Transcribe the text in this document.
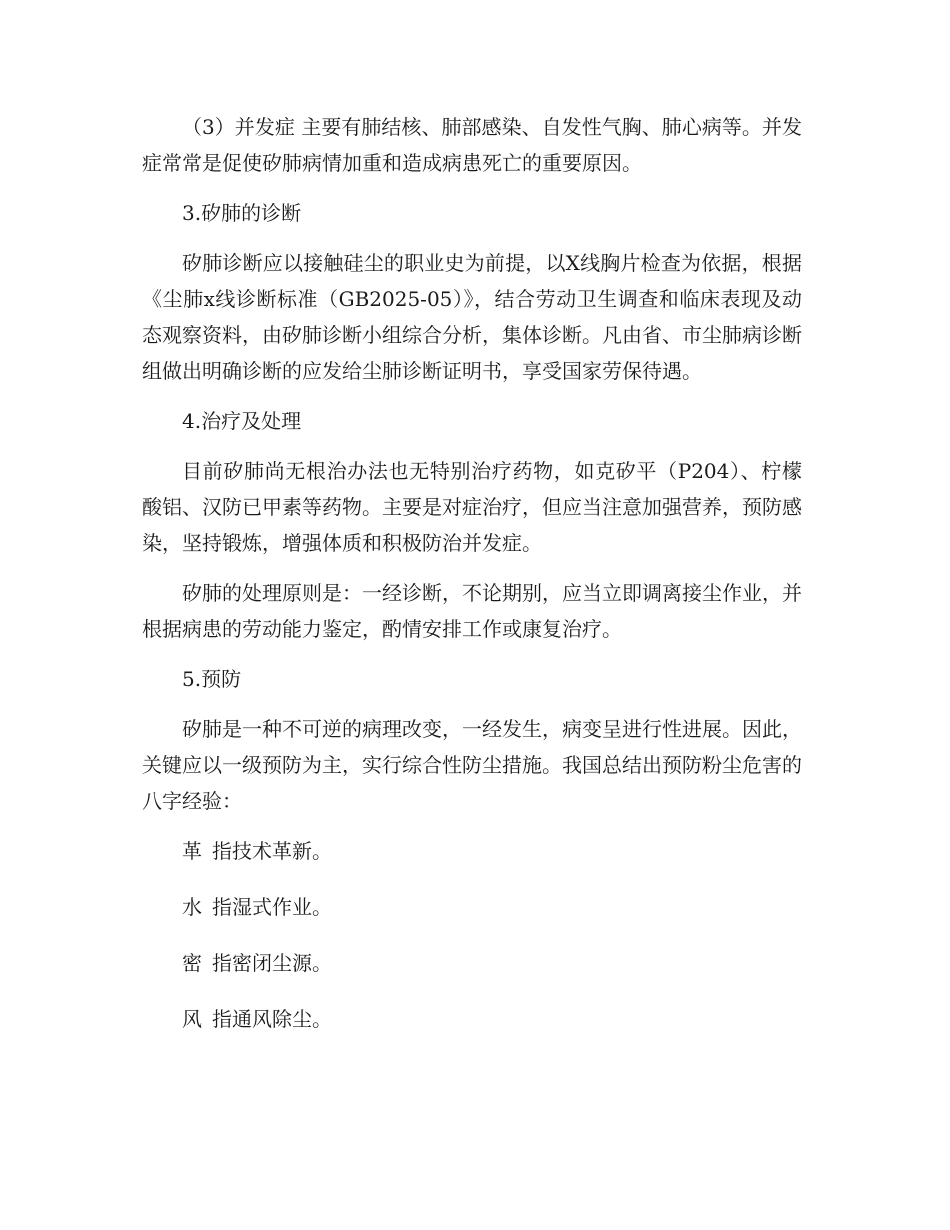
（3）并发症 主要有肺结核、肺部感染、自发性气胸、肺心病等。并发症常常是促使矽肺病情加重和造成病患死亡的重要原因。

3.矽肺的诊断

矽肺诊断应以接触硅尘的职业史为前提，以X线胸片检查为依据，根据《尘肺x线诊断标准（GB2025-05）》，结合劳动卫生调查和临床表现及动态观察资料，由矽肺诊断小组综合分析，集体诊断。凡由省、市尘肺病诊断组做出明确诊断的应发给尘肺诊断证明书，享受国家劳保待遇。

4.治疗及处理

目前矽肺尚无根治办法也无特别治疗药物，如克矽平（P204）、柠檬酸铝、汉防已甲素等药物。主要是对症治疗，但应当注意加强营养，预防感染，坚持锻炼，增强体质和积极防治并发症。

矽肺的处理原则是：一经诊断，不论期别，应当立即调离接尘作业，并根据病患的劳动能力鉴定，酌情安排工作或康复治疗。

5.预防

矽肺是一种不可逆的病理改变，一经发生，病变呈进行性进展。因此，关键应以一级预防为主，实行综合性防尘措施。我国总结出预防粉尘危害的八字经验：

革 指技术革新。

水 指湿式作业。

密 指密闭尘源。

风 指通风除尘。
